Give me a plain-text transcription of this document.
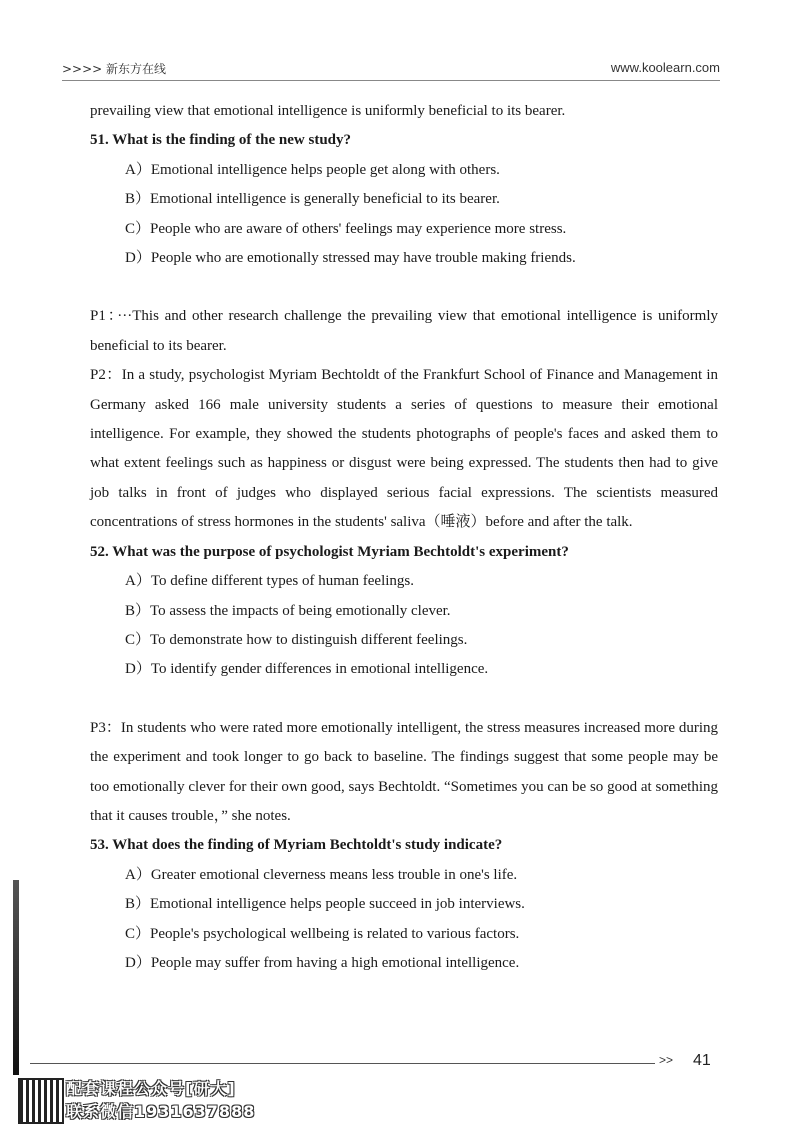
>>>> 新东方在线	www.koolearn.com

prevailing view that emotional intelligence is uniformly beneficial to its bearer.

51. What is the finding of the new study?

A）Emotional intelligence helps people get along with others.

B）Emotional intelligence is generally beneficial to its bearer.

C）People who are aware of others' feelings may experience more stress.

D）People who are emotionally stressed may have trouble making friends.

P1：···This and other research challenge the prevailing view that emotional intelligence is uniformly beneficial to its bearer.

P2：In a study, psychologist Myriam Bechtoldt of the Frankfurt School of Finance and Management in Germany asked 166 male university students a series of questions to measure their emotional intelligence. For example, they showed the students photographs of people's faces and asked them to what extent feelings such as happiness or disgust were being expressed. The students then had to give job talks in front of judges who displayed serious facial expressions. The scientists measured concentrations of stress hormones in the students' saliva（唾液）before and after the talk.

52. What was the purpose of psychologist Myriam Bechtoldt's experiment?

A）To define different types of human feelings.

B）To assess the impacts of being emotionally clever.

C）To demonstrate how to distinguish different feelings.

D）To identify gender differences in emotional intelligence.

P3：In students who were rated more emotionally intelligent, the stress measures increased more during the experiment and took longer to go back to baseline. The findings suggest that some people may be too emotionally clever for their own good, says Bechtoldt. “Sometimes you can be so good at something that it causes trouble，” she notes.

53. What does the finding of Myriam Bechtoldt's study indicate?

A）Greater emotional cleverness means less trouble in one's life.

B）Emotional intelligence helps people succeed in job interviews.

C）People's psychological wellbeing is related to various factors.

D）People may suffer from having a high emotional intelligence.

>> 41
配套课程公众号[研大]
联系微信1931637888
